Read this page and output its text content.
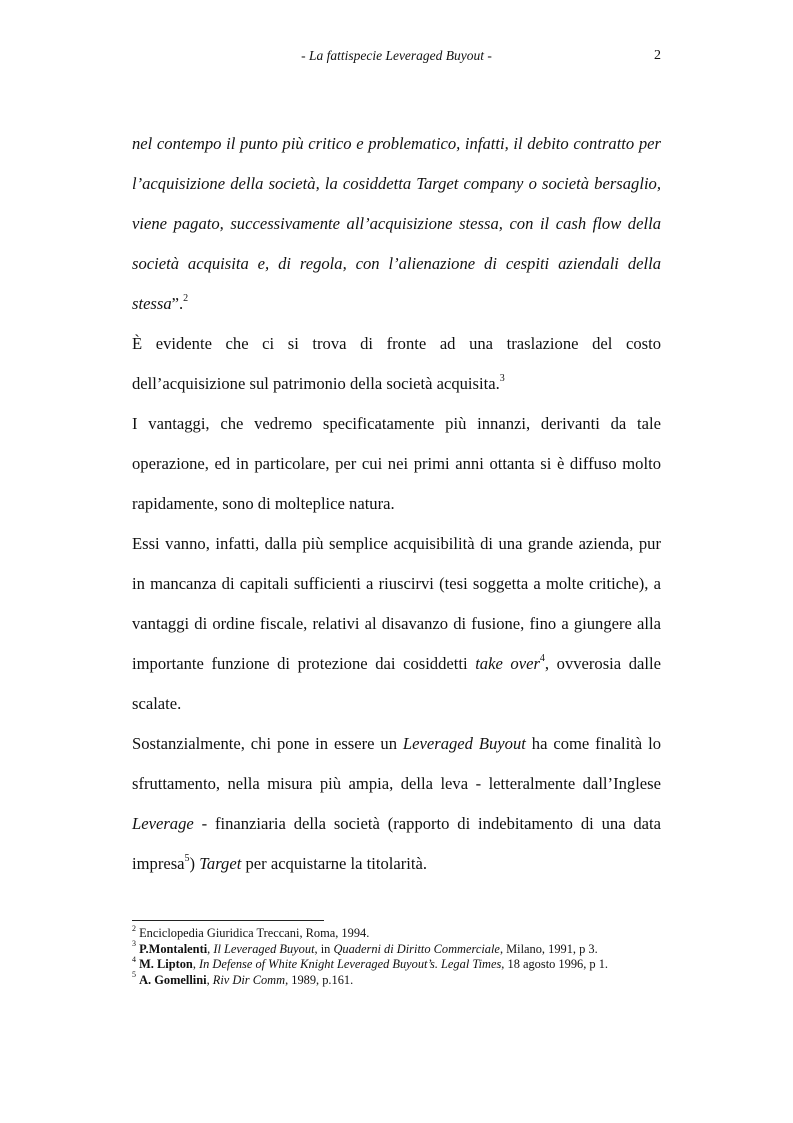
- La fattispecie Leveraged Buyout -	2

nel contempo il punto più critico e problematico, infatti, il debito contratto per l’acquisizione della società, la cosiddetta Target company o società bersaglio, viene pagato, successivamente all’acquisizione stessa, con il cash flow della società acquisita e, di regola, con l’alienazione di cespiti aziendali della stessa”.$^2$

È evidente che ci si trova di fronte ad una traslazione del costo dell’acquisizione sul patrimonio della società acquisita.$^3$

I vantaggi, che vedremo specificatamente più innanzi, derivanti da tale operazione, ed in particolare, per cui nei primi anni ottanta si è diffuso molto rapidamente, sono di molteplice natura.

Essi vanno, infatti, dalla più semplice acquisibilità di una grande azienda, pur in mancanza di capitali sufficienti a riuscirvi (tesi soggetta a molte critiche), a vantaggi di ordine fiscale, relativi al disavanzo di fusione, fino a giungere alla importante funzione di protezione dai cosiddetti take over$^4$, ovverosia dalle scalate.

Sostanzialmente, chi pone in essere un Leveraged Buyout ha come finalità lo sfruttamento, nella misura più ampia, della leva - letteralmente dall’Inglese Leverage - finanziaria della società (rapporto di indebitamento di una data impresa$^5$) Target per acquistarne la titolarità.

$^2$ Enciclopedia Giuridica Treccani, Roma, 1994.

$^3$ P.Montalenti, Il Leveraged Buyout, in Quaderni di Diritto Commerciale, Milano, 1991, p 3.

$^4$ M. Lipton, In Defense of White Knight Leveraged Buyout’s. Legal Times, 18 agosto 1996, p 1.

$^5$ A. Gomellini, Riv Dir Comm, 1989, p.161.
